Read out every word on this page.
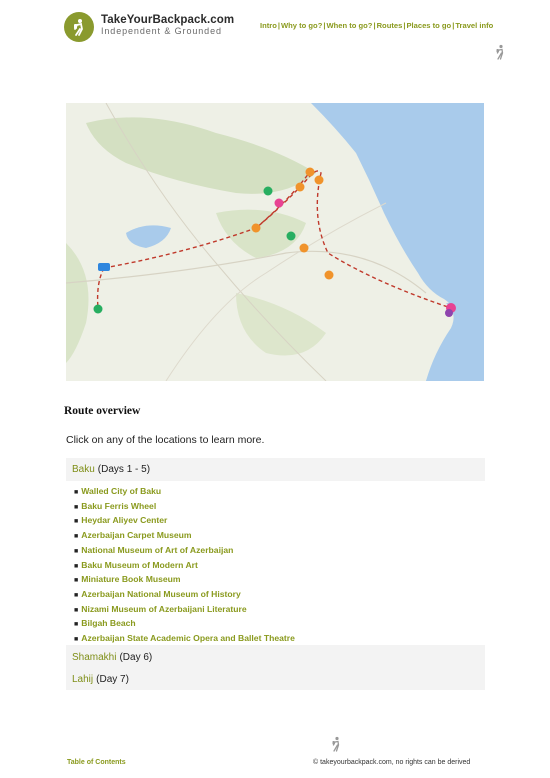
TakeYourBackpack.com
Independent & Grounded
Intro | Why to go? | When to go? | Routes | Places to go | Travel info
Route overview
Click on any of the locations to learn more.
Baku (Days 1 - 5)
■ Walled City of Baku
■ Baku Ferris Wheel
■ Heydar Aliyev Center
■ Azerbaijan Carpet Museum
■ National Museum of Art of Azerbaijan
■ Baku Museum of Modern Art
■ Miniature Book Museum
■ Azerbaijan National Museum of History
■ Nizami Museum of Azerbaijani Literature
■ Bilgah Beach
■ Azerbaijan State Academic Opera and Ballet Theatre
Shamakhi (Day 6)
Lahij (Day 7)
Table of Contents	© takeyourbackpack.com, no rights can be derived
